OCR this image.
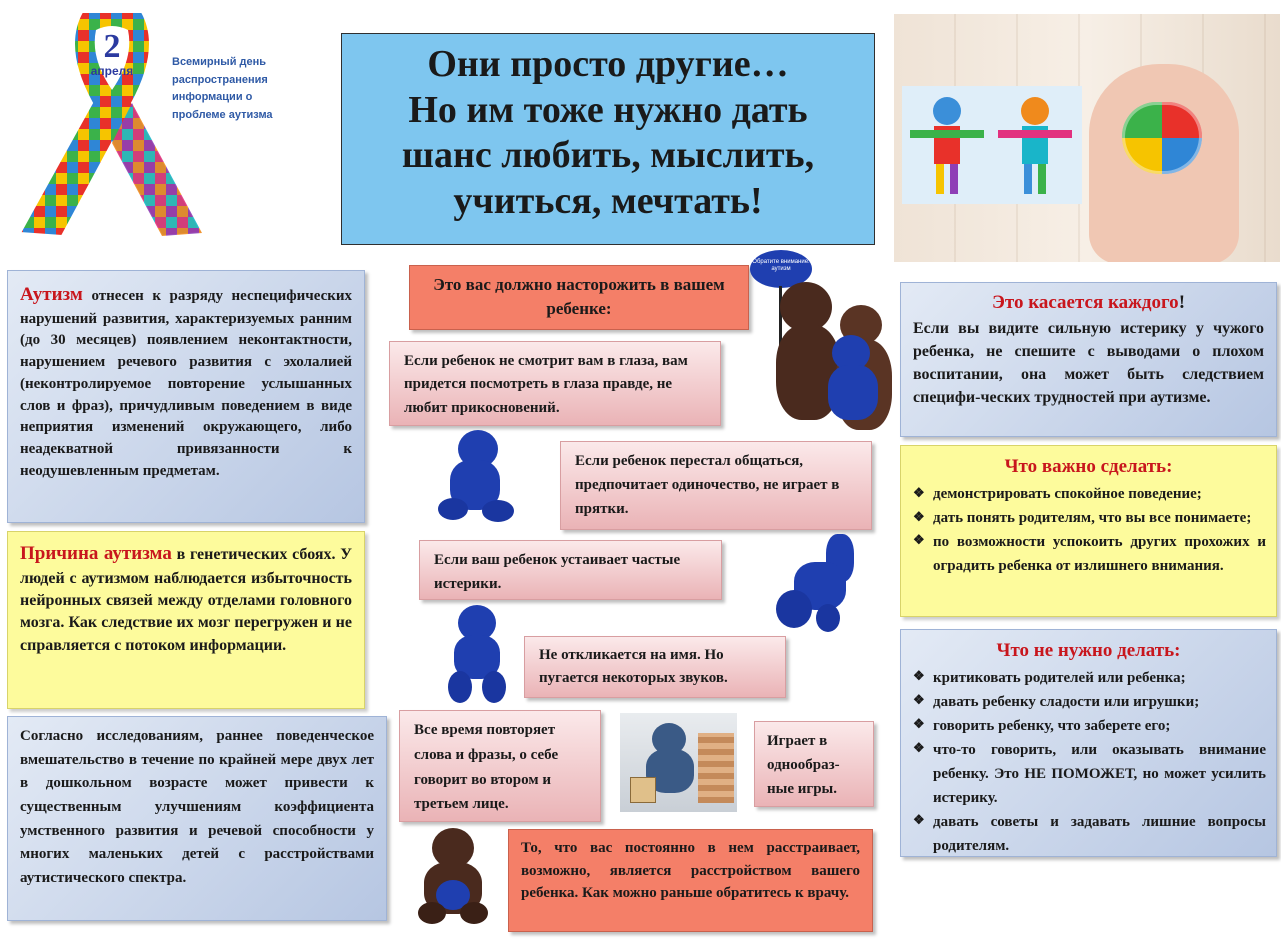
2
апреля
Всемирный день распространения информации о проблеме аутизма
Они просто другие…
Но им тоже нужно дать
шанс любить, мыслить,
учиться, мечтать!
Аутизм отнесен к разряду неспецифических нарушений развития, характеризуемых ранним (до 30 месяцев) появлением неконтактности, нарушением речевого развития с эхолалией (неконтролируемое повторение услышанных слов и фраз), причудливым поведением в виде неприятия изменений окружающего, либо неадекватной привязанности к неодушевленным предметам.
Причина аутизма в генетических сбоях. У людей с аутизмом наблюдается избыточность нейронных связей между отделами головного мозга. Как следствие их мозг перегружен и не справляется с потоком информации.
Согласно исследованиям, раннее поведенческое вмешательство в течение по крайней мере двух лет в дошкольном возрасте может привести к существенным улучшениям коэффициента умственного развития и речевой способности у многих маленьких детей с расстройствами аутистического спектра.
Это вас должно насторожить в вашем ребенке:
Обратите внимание: аутизм
Если ребенок не смотрит вам в глаза, вам придется посмотреть в глаза правде, не любит прикосновений.
Если ребенок перестал общаться, предпочитает одиночество, не играет в прятки.
Если ваш ребенок устаивает частые истерики.
Не откликается на имя. Но пугается некоторых звуков.
Все время повторяет слова и фразы, о себе говорит во втором и третьем лице.
Играет в однообраз-ные игры.
То, что вас постоянно в нем расстраивает, возможно, является расстройством вашего ребенка. Как можно раньше обратитесь к врачу.
Это касается каждого!
Если вы видите сильную истерику у чужого ребенка, не спешите с выводами о плохом воспитании, она может быть следствием специфи-ческих трудностей при аутизме.
Что важно сделать:
❖ демонстрировать спокойное поведение;
❖ дать понять родителям, что вы все понимаете;
❖ по возможности успокоить других прохожих и оградить ребенка от излишнего внимания.
Что не нужно делать:
❖ критиковать родителей или ребенка;
❖ давать ребенку сладости или игрушки;
❖ говорить ребенку, что заберете его;
❖ что-то говорить, или оказывать внимание ребенку. Это НЕ ПОМОЖЕТ, но может усилить истерику.
❖ давать советы и задавать лишние вопросы родителям.
